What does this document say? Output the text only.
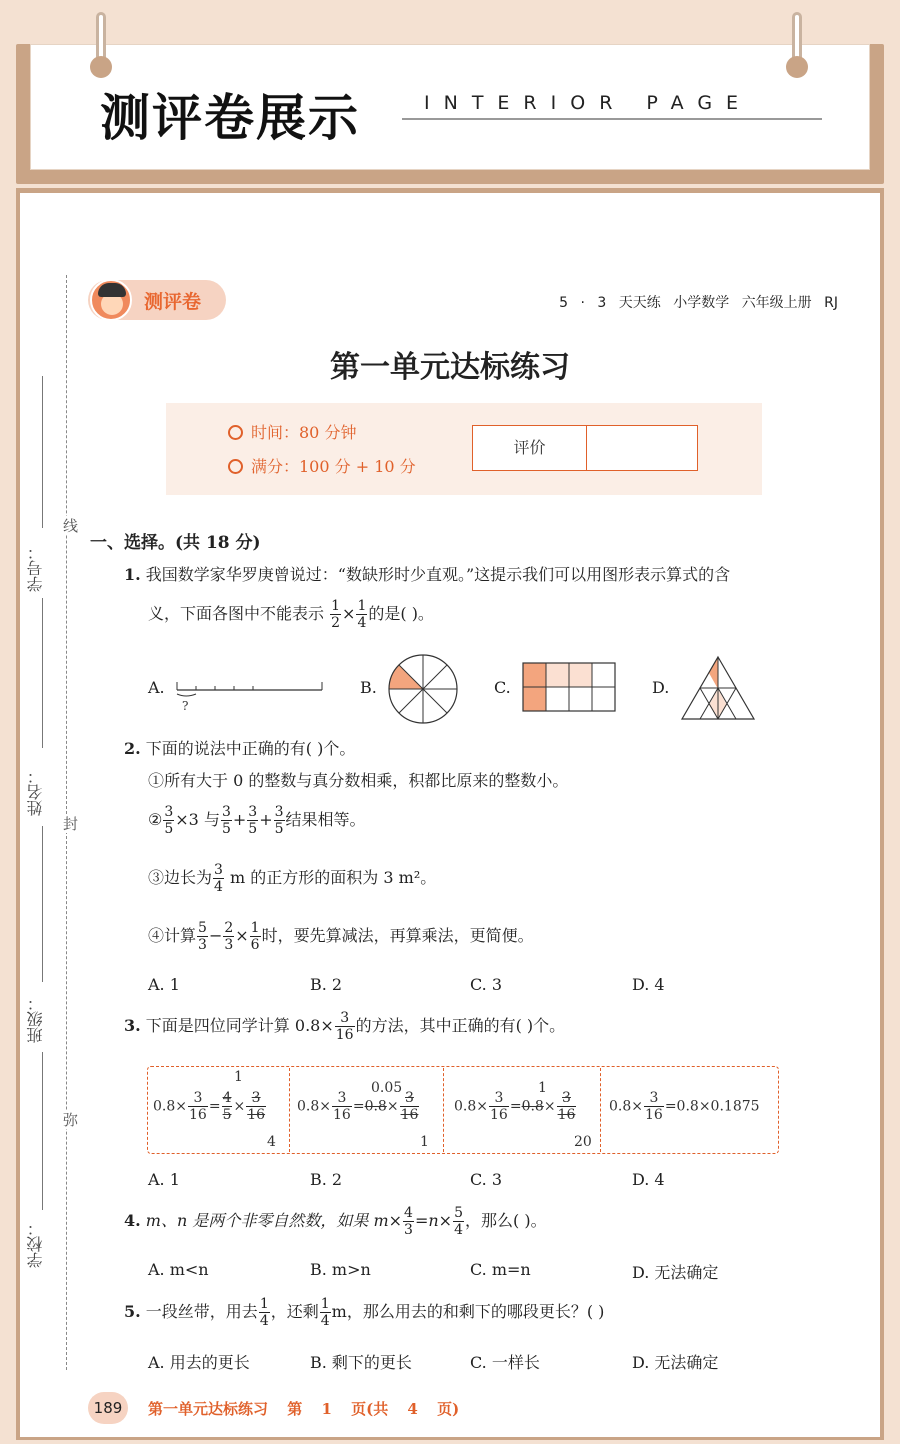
测评卷展示	INTERIOR PAGE
学号：
姓名：
班级：
学校：
线
封
弥
测评卷	5 · 3 天天练 小学数学 六年级上册 RJ
第一单元达标练习
时间：80 分钟
满分：100 分 + 10 分
评价
一、选择。(共 18 分)
1. 我国数学家华罗庚曾说过：“数缺形时少直观。”这提示我们可以用图形表示算式的含
义，下面各图中不能表示 $\frac{1}{2} \times \frac{1}{4}$ 的是( )。
A.
?
B.	C.	D.
2. 下面的说法中正确的有( )个。
①所有大于 0 的整数与真分数相乘，积都比原来的整数小。
② $\frac{3}{5} \times 3$ 与 $\frac{3}{5} + \frac{3}{5} + \frac{3}{5}$ 结果相等。
③边长为 $\frac{3}{4}$ m 的正方形的面积为 3 m²。
④计算 $\frac{5}{3} - \frac{2}{3} \times \frac{1}{6}$ 时，要先算减法，再算乘法，更简便。
A. 1	B. 2	C. 3	D. 4
3. 下面是四位同学计算 $0.8\times \frac{3}{16}$ 的方法，其中正确的有( )个。
$0.8\times \frac{3}{16} = \frac{4}{5} \times \frac{3}{16}$
1
4
$0.8\times \frac{3}{16} =0.8\times \frac{3}{16}$
0.05
1
$0.8\times \frac{3}{16} =0.8\times \frac{3}{16}$
1
20
$0.8\times \frac{3}{16} =0.8\times 0.1875$
A. 1	B. 2	C. 3	D. 4
4. m、n 是两个非零自然数，如果 $m\times \frac{4}{3} =n\times \frac{5}{4}$ ，那么( )。
A. m<n	B. m>n	C. m=n	D. 无法确定
5. 一段丝带，用去 $\frac{1}{4}$ ，还剩 $\frac{1}{4}$ m，那么用去的和剩下的哪段更长？( )
A. 用去的更长	B. 剩下的更长	C. 一样长	D. 无法确定
189	第一单元达标练习 第 1 页(共 4 页)
